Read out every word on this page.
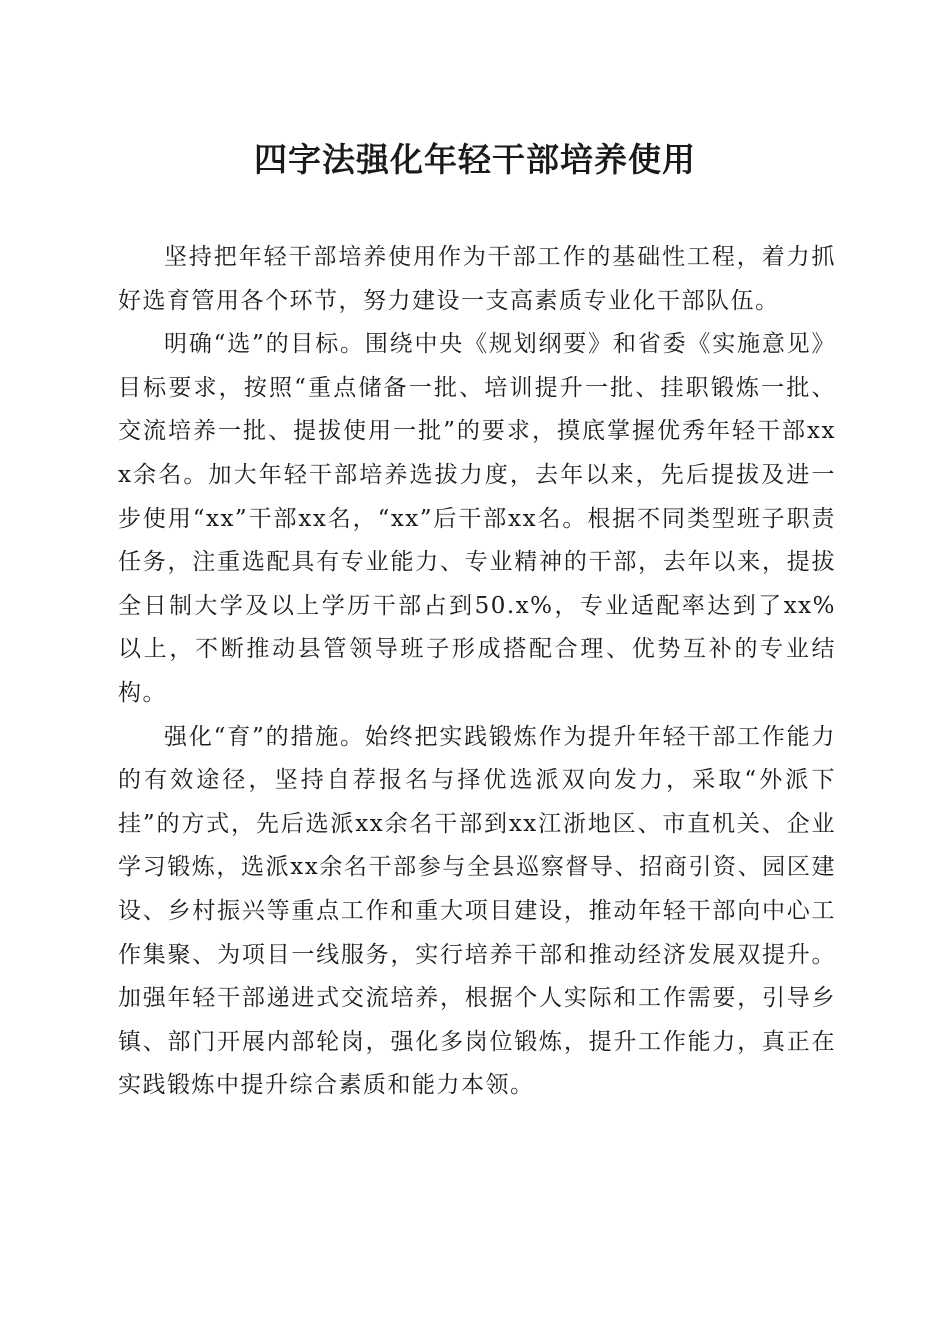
四字法强化年轻干部培养使用

坚持把年轻干部培养使用作为干部工作的基础性工程，着力抓好选育管用各个环节，努力建设一支高素质专业化干部队伍。

明确“选”的目标。围绕中央《规划纲要》和省委《实施意见》目标要求，按照“重点储备一批、培训提升一批、挂职锻炼一批、交流培养一批、提拔使用一批”的要求，摸底掌握优秀年轻干部xxx余名。加大年轻干部培养选拔力度，去年以来，先后提拔及进一步使用“xx”干部xx名，“xx”后干部xx名。根据不同类型班子职责任务，注重选配具有专业能力、专业精神的干部，去年以来，提拔全日制大学及以上学历干部占到50.x%，专业适配率达到了xx%以上，不断推动县管领导班子形成搭配合理、优势互补的专业结构。

强化“育”的措施。始终把实践锻炼作为提升年轻干部工作能力的有效途径，坚持自荐报名与择优选派双向发力，采取“外派下挂”的方式，先后选派xx余名干部到xx江浙地区、市直机关、企业学习锻炼，选派xx余名干部参与全县巡察督导、招商引资、园区建设、乡村振兴等重点工作和重大项目建设，推动年轻干部向中心工作集聚、为项目一线服务，实行培养干部和推动经济发展双提升。加强年轻干部递进式交流培养，根据个人实际和工作需要，引导乡镇、部门开展内部轮岗，强化多岗位锻炼，提升工作能力，真正在实践锻炼中提升综合素质和能力本领。
